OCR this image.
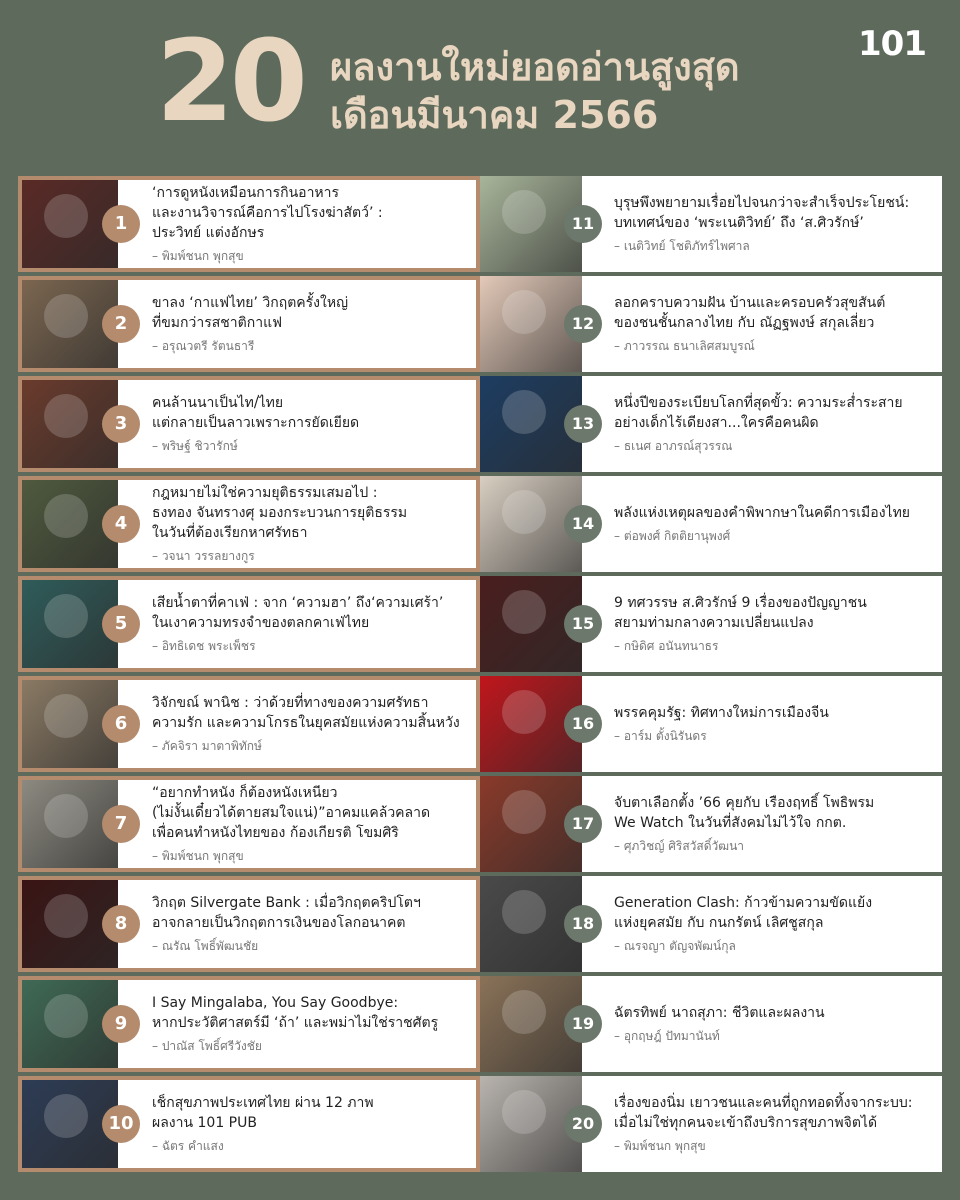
20 ผลงานใหม่ยอดอ่านสูงสุด
เดือนมีนาคม 2566
101
1
‘การดูหนังเหมือนการกินอาหาร
และงานวิจารณ์คือการไปโรงฆ่าสัตว์’ :
ประวิทย์ แต่งอักษร
– พิมพ์ชนก พุกสุข
2
ขาลง ‘กาแฟไทย’ วิกฤตครั้งใหญ่
ที่ขมกว่ารสชาติกาแฟ
– อรุณวตรี รัตนธารี
3
คนล้านนาเป็นไท/ไทย
แต่กลายเป็นลาวเพราะการยัดเยียด
– พริษฐ์ ชิวารักษ์
4
กฎหมายไม่ใช่ความยุติธรรมเสมอไป :
ธงทอง จันทรางศุ มองกระบวนการยุติธรรม
ในวันที่ต้องเรียกหาศรัทธา
– วจนา วรรลยางกูร
5
เสียน้ำตาที่คาเฟ่ : จาก ‘ความฮา’ ถึง‘ความเศร้า’
ในเงาความทรงจำของตลกคาเฟ่ไทย
– อิทธิเดช พระเพ็ชร
6
วิจักขณ์ พานิช : ว่าด้วยที่ทางของความศรัทธา
ความรัก และความโกรธในยุคสมัยแห่งความสิ้นหวัง
– ภัคจิรา มาตาพิทักษ์
7
“อยากทำหนัง ก็ต้องหนังเหนียว
(ไม่งั้นเดี๋ยวได้ตายสมใจแน่)”อาคมแคล้วคลาด
เพื่อคนทำหนังไทยของ ก้องเกียรติ โขมศิริ
– พิมพ์ชนก พุกสุข
8
วิกฤต Silvergate Bank : เมื่อวิกฤตคริปโตฯ
อาจกลายเป็นวิกฤตการเงินของโลกอนาคต
– ณรัณ โพธิ์พัฒนชัย
9
I Say Mingalaba, You Say Goodbye:
หากประวัติศาสตร์มี ‘ถ้า’ และพม่าไม่ใช่ราชศัตรู
– ปาณัส โพธิ์ศรีวังชัย
10
เช็กสุขภาพประเทศไทย ผ่าน 12 ภาพ
ผลงาน 101 PUB
– ฉัตร คำแสง
11
บุรุษพึงพยายามเรื่อยไปจนกว่าจะสำเร็จประโยชน์:
บทเทศน์ของ ‘พระเนติวิทย์’ ถึง ‘ส.ศิวรักษ์’
– เนติวิทย์ โชติภัทร์ไพศาล
12
ลอกคราบความฝัน บ้านและครอบครัวสุขสันต์
ของชนชั้นกลางไทย กับ ณัฏฐพงษ์ สกุลเลี่ยว
– ภาวรรณ ธนาเลิศสมบูรณ์
13
หนึ่งปีของระเบียบโลกที่สุดขั้ว: ความระส่ำระสาย
อย่างเด็กไร้เดียงสา...ใครคือคนผิด
– ธเนศ อาภรณ์สุวรรณ
14
พลังแห่งเหตุผลของคำพิพากษาในคดีการเมืองไทย
– ต่อพงศ์ กิตติยานุพงศ์
15
9 ทศวรรษ ส.ศิวรักษ์ 9 เรื่องของปัญญาชน
สยามท่ามกลางความเปลี่ยนแปลง
– กษิดิศ อนันทนาธร
16
พรรคคุมรัฐ: ทิศทางใหม่การเมืองจีน
– อาร์ม ตั้งนิรันดร
17
จับตาเลือกตั้ง ’66 คุยกับ เรืองฤทธิ์ โพธิพรม
We Watch ในวันที่สังคมไม่ไว้ใจ กกต.
– ศุภวิชญ์ ศิริสวัสดิ์วัฒนา
18
Generation Clash: ก้าวข้ามความขัดแย้ง
แห่งยุคสมัย กับ กนกรัตน์ เลิศชูสกุล
– ณรจญา ตัญจพัฒน์กุล
19
ฉัตรทิพย์ นาถสุภา: ชีวิตและผลงาน
– อุกฤษฎ์ ปัทมานันท์
20
เรื่องของนิ่ม เยาวชนและคนที่ถูกทอดทิ้งจากระบบ:
เมื่อไม่ใช่ทุกคนจะเข้าถึงบริการสุขภาพจิตได้
– พิมพ์ชนก พุกสุข
